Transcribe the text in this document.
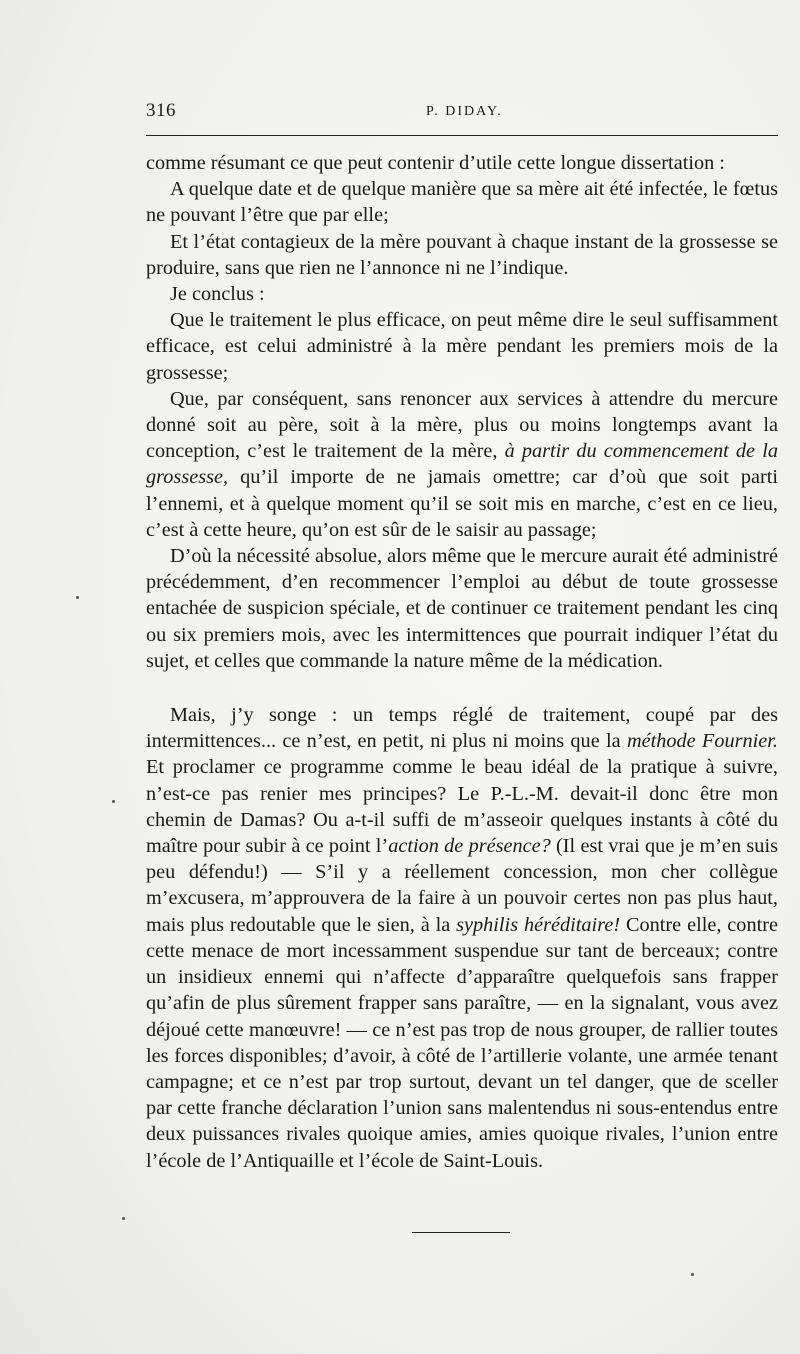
316	P. DIDAY.

comme résumant ce que peut contenir d’utile cette longue dissertation :

A quelque date et de quelque manière que sa mère ait été infectée, le fœtus ne pouvant l’être que par elle;

Et l’état contagieux de la mère pouvant à chaque instant de la grossesse se produire, sans que rien ne l’annonce ni ne l’indique.

Je conclus :

Que le traitement le plus efficace, on peut même dire le seul suffisamment efficace, est celui administré à la mère pendant les premiers mois de la grossesse;

Que, par conséquent, sans renoncer aux services à attendre du mercure donné soit au père, soit à la mère, plus ou moins longtemps avant la conception, c’est le traitement de la mère, à partir du commencement de la grossesse, qu’il importe de ne jamais omettre; car d’où que soit parti l’ennemi, et à quelque moment qu’il se soit mis en marche, c’est en ce lieu, c’est à cette heure, qu’on est sûr de le saisir au passage;

D’où la nécessité absolue, alors même que le mercure aurait été administré précédemment, d’en recommencer l’emploi au début de toute grossesse entachée de suspicion spéciale, et de continuer ce traitement pendant les cinq ou six premiers mois, avec les intermittences que pourrait indiquer l’état du sujet, et celles que commande la nature même de la médication.

Mais, j’y songe : un temps réglé de traitement, coupé par des intermittences... ce n’est, en petit, ni plus ni moins que la méthode Fournier. Et proclamer ce programme comme le beau idéal de la pratique à suivre, n’est-ce pas renier mes principes? Le P.-L.-M. devait-il donc être mon chemin de Damas? Ou a-t-il suffi de m’asseoir quelques instants à côté du maître pour subir à ce point l’action de présence? (Il est vrai que je m’en suis peu défendu!) — S’il y a réellement concession, mon cher collègue m’excusera, m’approuvera de la faire à un pouvoir certes non pas plus haut, mais plus redoutable que le sien, à la syphilis héréditaire! Contre elle, contre cette menace de mort incessamment suspendue sur tant de berceaux; contre un insidieux ennemi qui n’affecte d’apparaître quelquefois sans frapper qu’afin de plus sûrement frapper sans paraître, — en la signalant, vous avez déjoué cette manœuvre! — ce n’est pas trop de nous grouper, de rallier toutes les forces disponibles; d’avoir, à côté de l’artillerie volante, une armée tenant campagne; et ce n’est par trop surtout, devant un tel danger, que de sceller par cette franche déclaration l’union sans malentendus ni sous-entendus entre deux puissances rivales quoique amies, amies quoique rivales, l’union entre l’école de l’Antiquaille et l’école de Saint-Louis.
